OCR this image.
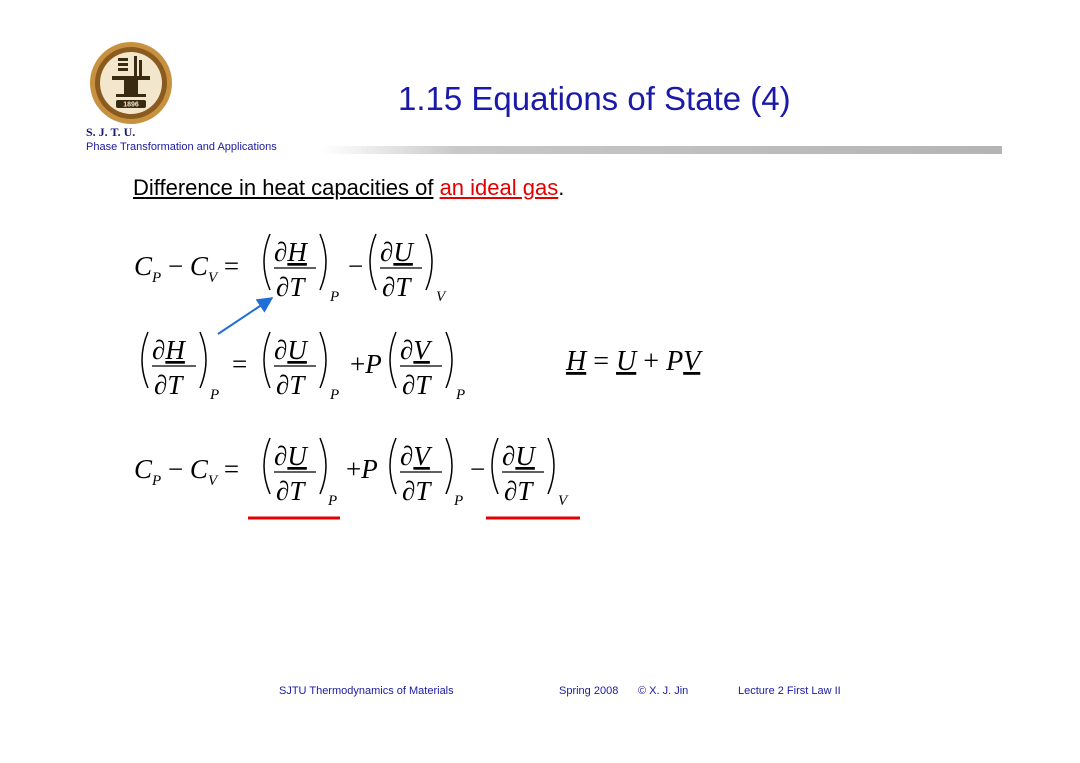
1896
S. J. T. U.
Phase Transformation and Applications
1.15 Equations of State (4)
Difference in heat capacities of an ideal gas.
$C_P - C_V = \partial H$
∂T P
− ∂U
∂T V
∂H
∂T P
= ∂U
∂T P
+P ∂V
∂T P
H = U + PV
$C_P - C_V = \partial U$
∂T P
+P ∂V
∂T P
− ∂U
∂T V
SJTU Thermodynamics of Materials	Spring 2008 © X. J. Jin	Lecture 2 First Law II
